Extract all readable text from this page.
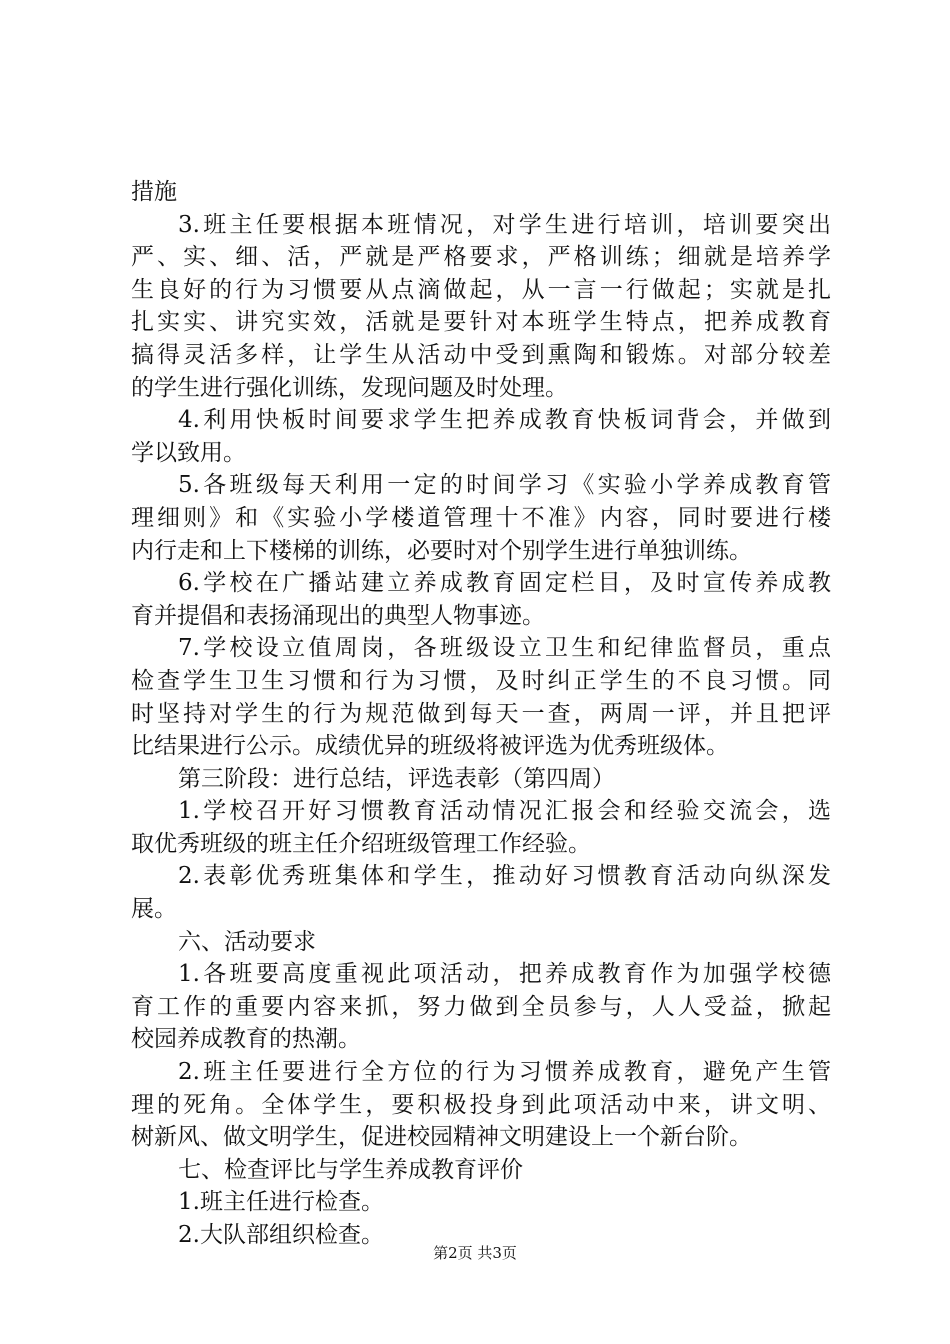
措施
3.班主任要根据本班情况，对学生进行培训，培训要突出
严、实、细、活，严就是严格要求，严格训练；细就是培养学
生良好的行为习惯要从点滴做起，从一言一行做起；实就是扎
扎实实、讲究实效，活就是要针对本班学生特点，把养成教育
搞得灵活多样，让学生从活动中受到熏陶和锻炼。对部分较差
的学生进行强化训练，发现问题及时处理。
4.利用快板时间要求学生把养成教育快板词背会，并做到
学以致用。
5.各班级每天利用一定的时间学习《实验小学养成教育管
理细则》和《实验小学楼道管理十不准》内容，同时要进行楼
内行走和上下楼梯的训练，必要时对个别学生进行单独训练。
6.学校在广播站建立养成教育固定栏目，及时宣传养成教
育并提倡和表扬涌现出的典型人物事迹。
7.学校设立值周岗，各班级设立卫生和纪律监督员，重点
检查学生卫生习惯和行为习惯，及时纠正学生的不良习惯。同
时坚持对学生的行为规范做到每天一查，两周一评，并且把评
比结果进行公示。成绩优异的班级将被评选为优秀班级体。
第三阶段：进行总结，评选表彰（第四周）
1.学校召开好习惯教育活动情况汇报会和经验交流会，选
取优秀班级的班主任介绍班级管理工作经验。
2.表彰优秀班集体和学生，推动好习惯教育活动向纵深发
展。
六、活动要求
1.各班要高度重视此项活动，把养成教育作为加强学校德
育工作的重要内容来抓，努力做到全员参与，人人受益，掀起
校园养成教育的热潮。
2.班主任要进行全方位的行为习惯养成教育，避免产生管
理的死角。全体学生，要积极投身到此项活动中来，讲文明、
树新风、做文明学生，促进校园精神文明建设上一个新台阶。
七、检查评比与学生养成教育评价
1.班主任进行检查。
2.大队部组织检查。
第2页 共3页
